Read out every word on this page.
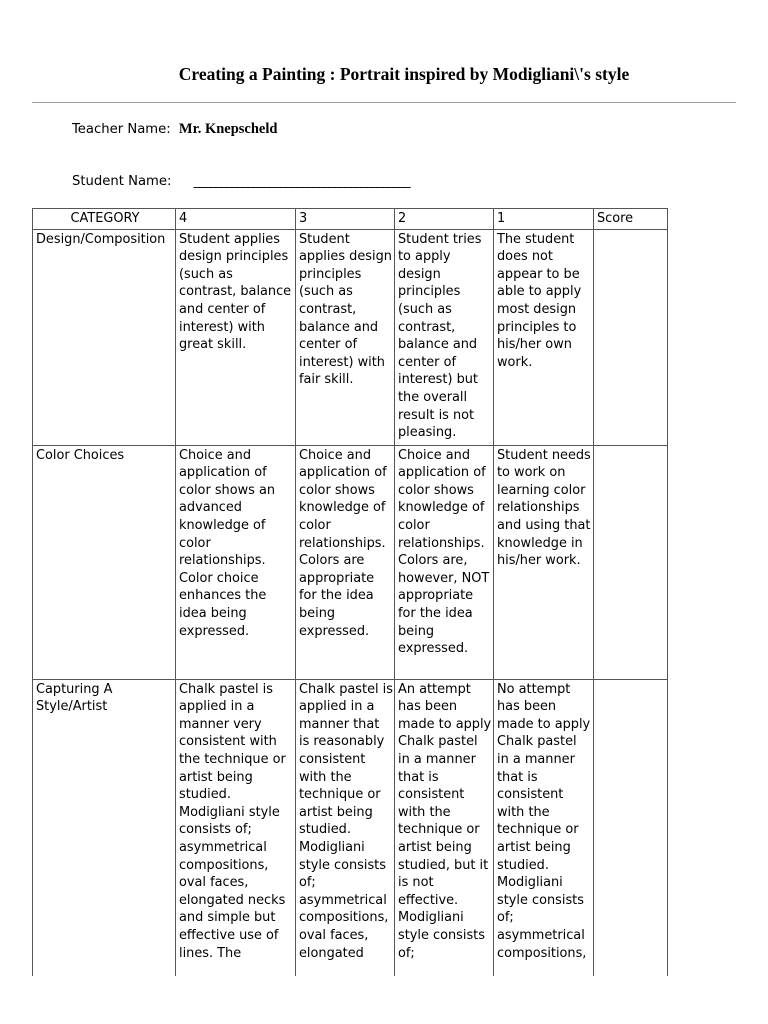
Creating a Painting : Portrait inspired by Modigliani\'s style
Teacher Name: Mr. Knepscheld
Student Name: ________________________________________
CATEGORY	4	3	2	1	Score
Design/Composition	Student applies design principles (such as contrast, balance and center of interest) with great skill.	Student applies design principles (such as contrast, balance and center of interest) with fair skill.	Student tries to apply design principles (such as contrast, balance and center of interest) but the overall result is not pleasing.	The student does not appear to be able to apply most design principles to his/her own work.	
Color Choices	Choice and application of color shows an advanced knowledge of color relationships. Color choice enhances the idea being expressed.	Choice and application of color shows knowledge of color relationships. Colors are appropriate for the idea being expressed.	Choice and application of color shows knowledge of color relationships. Colors are, however, NOT appropriate for the idea being expressed.	Student needs to work on learning color relationships and using that knowledge in his/her work.	
Capturing A Style/Artist	Chalk pastel is applied in a manner very consistent with the technique or artist being studied. Modigliani style consists of; asymmetrical compositions, oval faces, elongated necks and simple but effective use of lines. The	Chalk pastel is applied in a manner that is reasonably consistent with the technique or artist being studied. Modigliani style consists of; asymmetrical compositions, oval faces, elongated	An attempt has been made to apply Chalk pastel in a manner that is consistent with the technique or artist being studied, but it is not effective. Modigliani style consists of;	No attempt has been made to apply Chalk pastel in a manner that is consistent with the technique or artist being studied. Modigliani style consists of; asymmetrical compositions,	
